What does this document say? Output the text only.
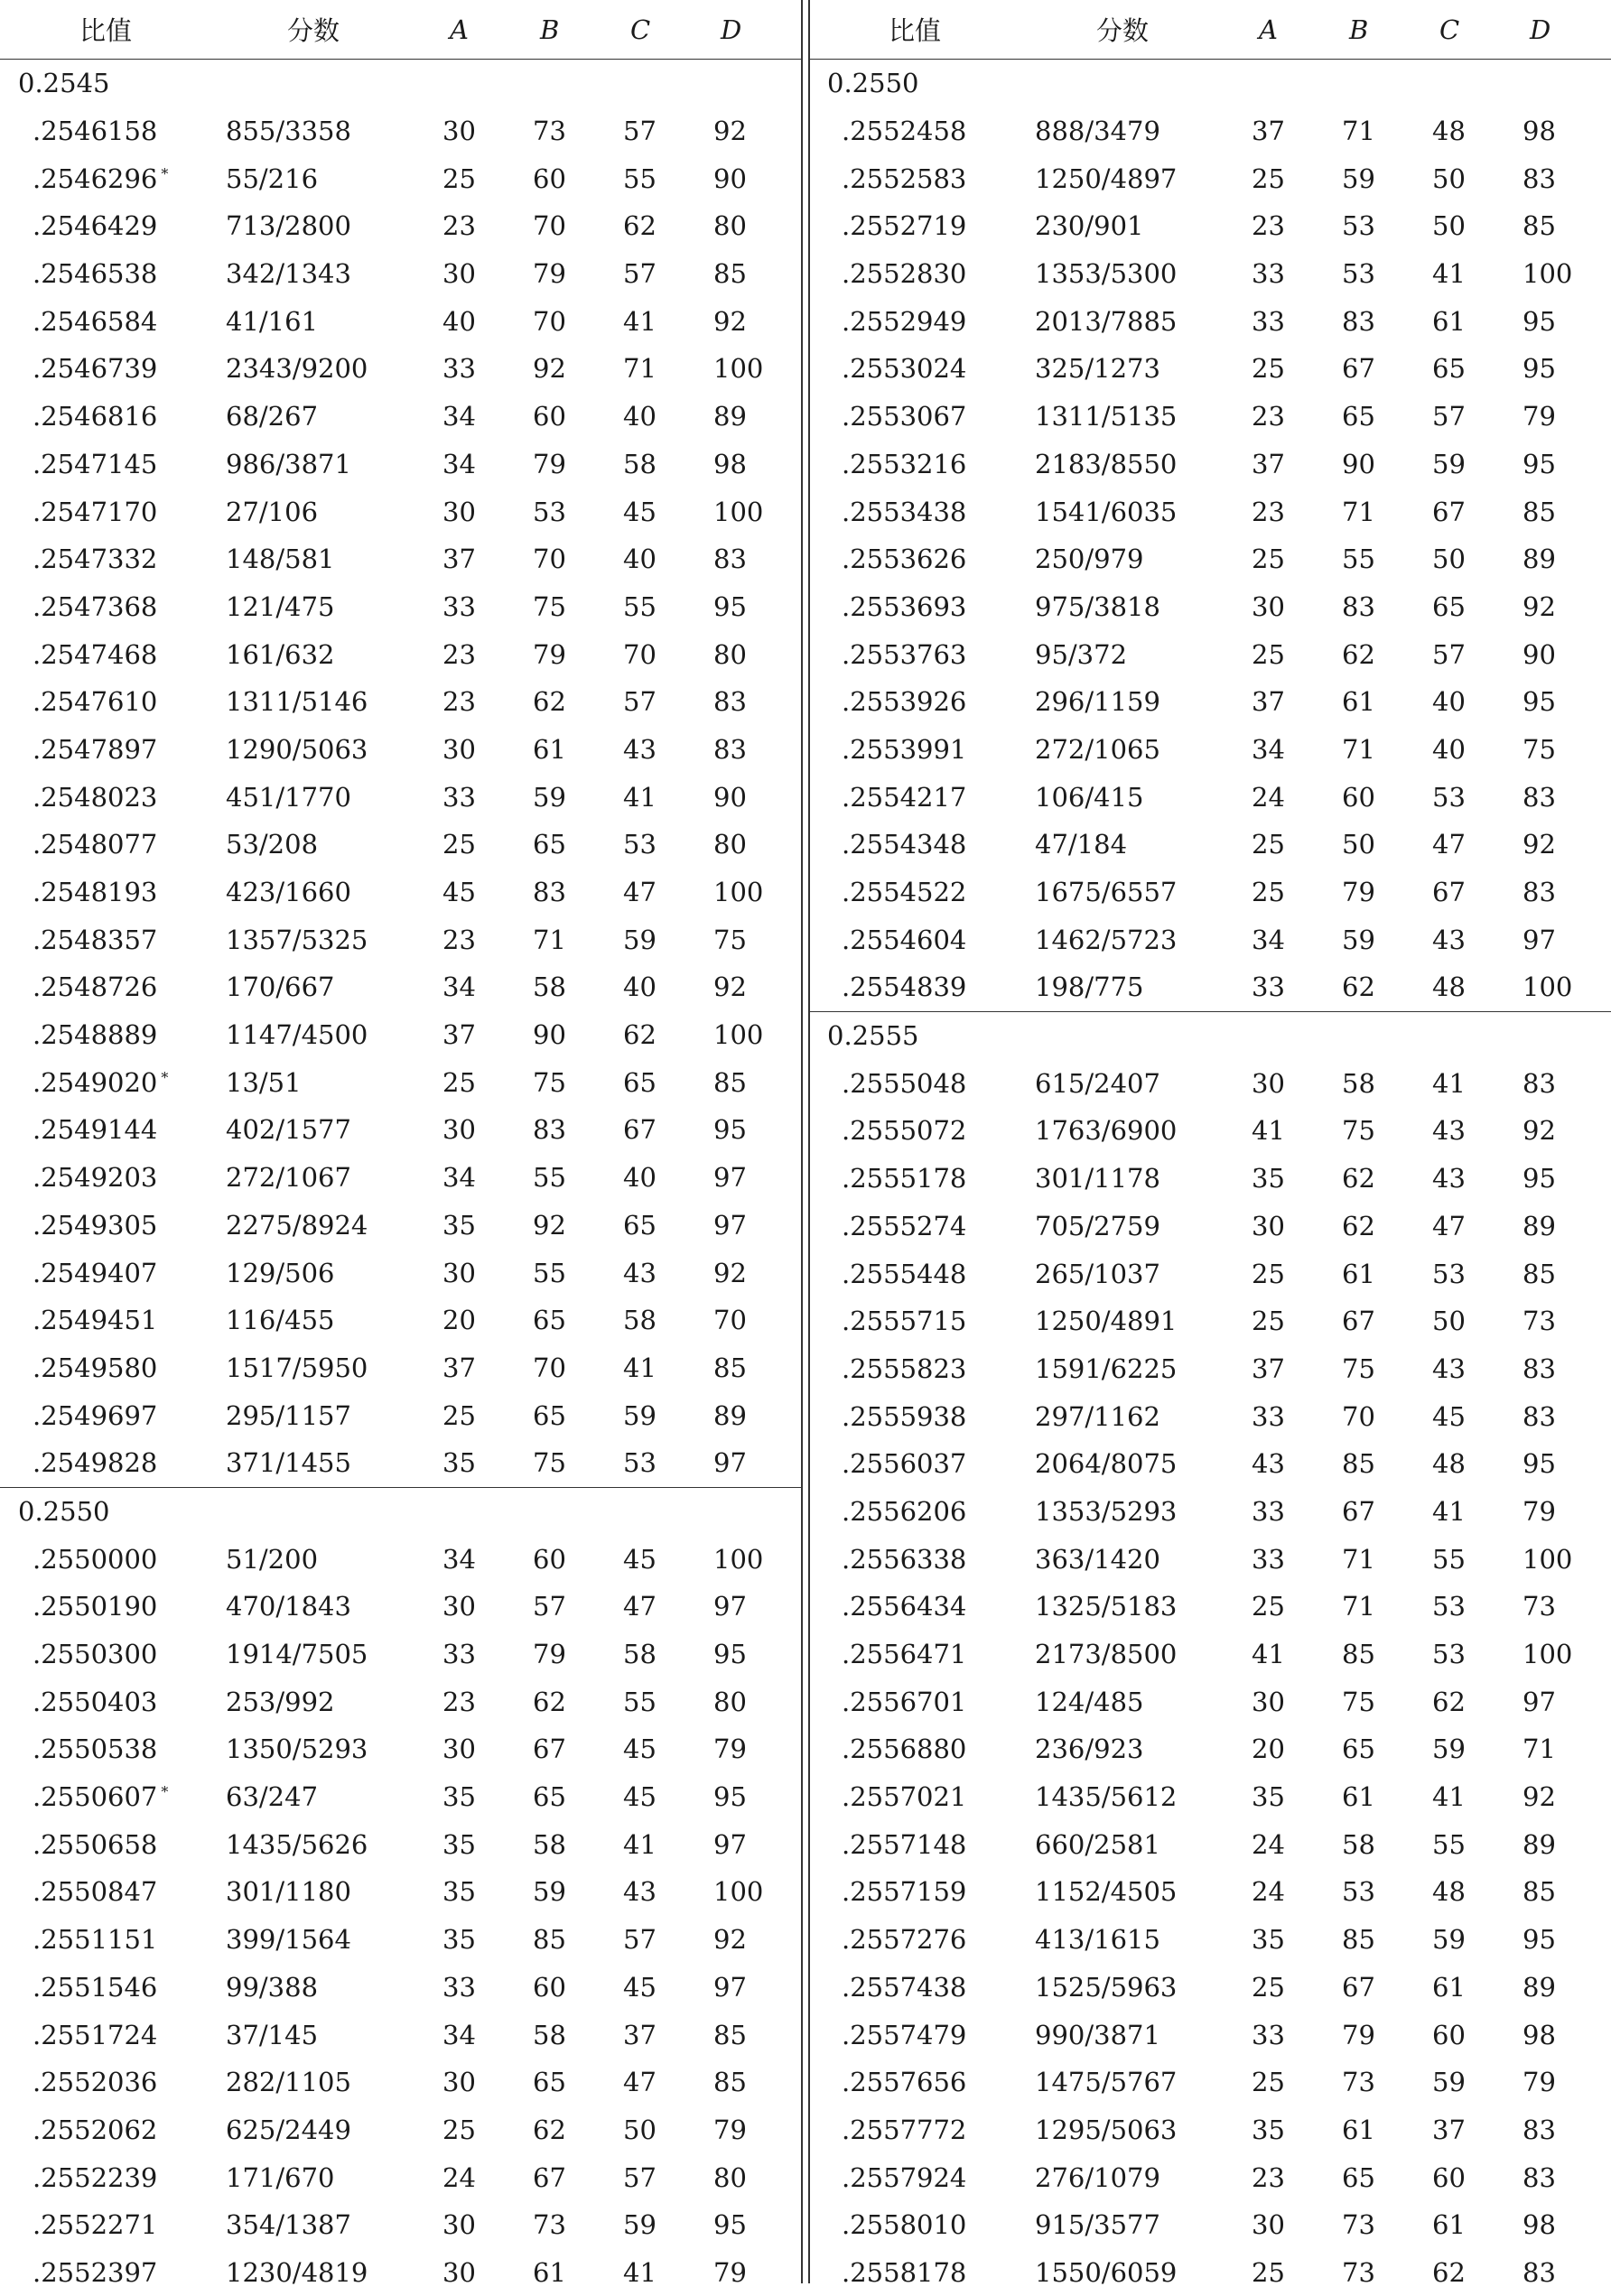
比值	分数	A	B	C	D
0.2545					
.2546158	855/3358	30	73	57	92
.2546296 *	55/216	25	60	55	90
.2546429	713/2800	23	70	62	80
.2546538	342/1343	30	79	57	85
.2546584	41/161	40	70	41	92
.2546739	2343/9200	33	92	71	100
.2546816	68/267	34	60	40	89
.2547145	986/3871	34	79	58	98
.2547170	27/106	30	53	45	100
.2547332	148/581	37	70	40	83
.2547368	121/475	33	75	55	95
.2547468	161/632	23	79	70	80
.2547610	1311/5146	23	62	57	83
.2547897	1290/5063	30	61	43	83
.2548023	451/1770	33	59	41	90
.2548077	53/208	25	65	53	80
.2548193	423/1660	45	83	47	100
.2548357	1357/5325	23	71	59	75
.2548726	170/667	34	58	40	92
.2548889	1147/4500	37	90	62	100
.2549020 *	13/51	25	75	65	85
.2549144	402/1577	30	83	67	95
.2549203	272/1067	34	55	40	97
.2549305	2275/8924	35	92	65	97
.2549407	129/506	30	55	43	92
.2549451	116/455	20	65	58	70
.2549580	1517/5950	37	70	41	85
.2549697	295/1157	25	65	59	89
.2549828	371/1455	35	75	53	97
0.2550					
.2550000	51/200	34	60	45	100
.2550190	470/1843	30	57	47	97
.2550300	1914/7505	33	79	58	95
.2550403	253/992	23	62	55	80
.2550538	1350/5293	30	67	45	79
.2550607 *	63/247	35	65	45	95
.2550658	1435/5626	35	58	41	97
.2550847	301/1180	35	59	43	100
.2551151	399/1564	35	85	57	92
.2551546	99/388	33	60	45	97
.2551724	37/145	34	58	37	85
.2552036	282/1105	30	65	47	85
.2552062	625/2449	25	62	50	79
.2552239	171/670	24	67	57	80
.2552271	354/1387	30	73	59	95
.2552397	1230/4819	30	61	41	79
比值	分数	A	B	C	D
0.2550					
.2552458	888/3479	37	71	48	98
.2552583	1250/4897	25	59	50	83
.2552719	230/901	23	53	50	85
.2552830	1353/5300	33	53	41	100
.2552949	2013/7885	33	83	61	95
.2553024	325/1273	25	67	65	95
.2553067	1311/5135	23	65	57	79
.2553216	2183/8550	37	90	59	95
.2553438	1541/6035	23	71	67	85
.2553626	250/979	25	55	50	89
.2553693	975/3818	30	83	65	92
.2553763	95/372	25	62	57	90
.2553926	296/1159	37	61	40	95
.2553991	272/1065	34	71	40	75
.2554217	106/415	24	60	53	83
.2554348	47/184	25	50	47	92
.2554522	1675/6557	25	79	67	83
.2554604	1462/5723	34	59	43	97
.2554839	198/775	33	62	48	100
0.2555					
.2555048	615/2407	30	58	41	83
.2555072	1763/6900	41	75	43	92
.2555178	301/1178	35	62	43	95
.2555274	705/2759	30	62	47	89
.2555448	265/1037	25	61	53	85
.2555715	1250/4891	25	67	50	73
.2555823	1591/6225	37	75	43	83
.2555938	297/1162	33	70	45	83
.2556037	2064/8075	43	85	48	95
.2556206	1353/5293	33	67	41	79
.2556338	363/1420	33	71	55	100
.2556434	1325/5183	25	71	53	73
.2556471	2173/8500	41	85	53	100
.2556701	124/485	30	75	62	97
.2556880	236/923	20	65	59	71
.2557021	1435/5612	35	61	41	92
.2557148	660/2581	24	58	55	89
.2557159	1152/4505	24	53	48	85
.2557276	413/1615	35	85	59	95
.2557438	1525/5963	25	67	61	89
.2557479	990/3871	33	79	60	98
.2557656	1475/5767	25	73	59	79
.2557772	1295/5063	35	61	37	83
.2557924	276/1079	23	65	60	83
.2558010	915/3577	30	73	61	98
.2558178	1550/6059	25	73	62	83
